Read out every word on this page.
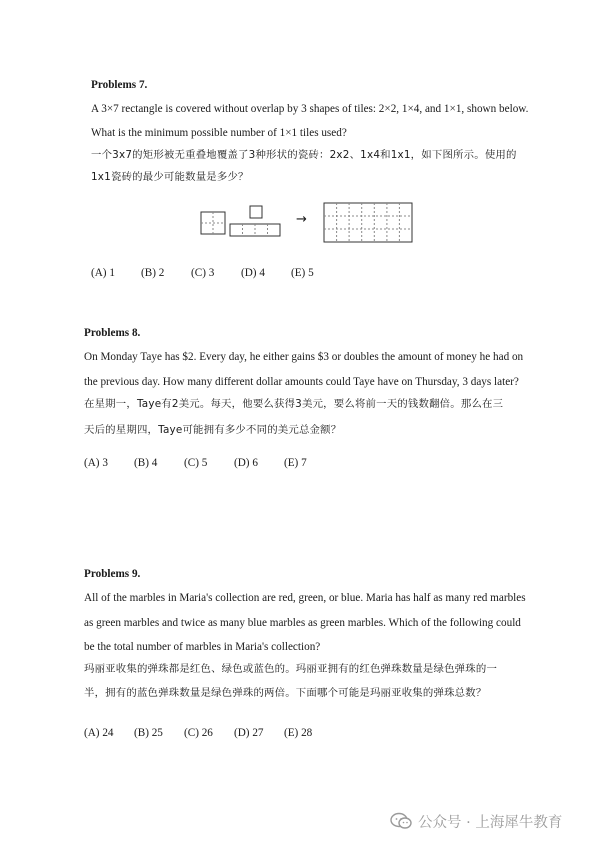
Problems 7.
A 3×7 rectangle is covered without overlap by 3 shapes of tiles: 2×2, 1×4, and 1×1, shown below.
What is the minimum possible number of 1×1 tiles used?
一个3x7的矩形被无重叠地覆盖了3种形状的瓷砖：2x2、1x4和1x1，如下图所示。使用的
1x1瓷砖的最少可能数量是多少？
→
(A) 1 (B) 2 (C) 3 (D) 4 (E) 5
Problems 8.
On Monday Taye has $2. Every day, he either gains $3 or doubles the amount of money he had on
the previous day. How many different dollar amounts could Taye have on Thursday, 3 days later?
在星期一，Taye有2美元。每天，他要么获得3美元，要么将前一天的钱数翻倍。那么在三
天后的星期四，Taye可能拥有多少不同的美元总金额？
(A) 3 (B) 4 (C) 5 (D) 6 (E) 7
Problems 9.
All of the marbles in Maria's collection are red, green, or blue. Maria has half as many red marbles
as green marbles and twice as many blue marbles as green marbles. Which of the following could
be the total number of marbles in Maria's collection?
玛丽亚收集的弹珠都是红色、绿色或蓝色的。玛丽亚拥有的红色弹珠数量是绿色弹珠的一
半，拥有的蓝色弹珠数量是绿色弹珠的两倍。下面哪个可能是玛丽亚收集的弹珠总数？
(A) 24 (B) 25 (C) 26 (D) 27 (E) 28
公众号 · 上海犀牛教育
